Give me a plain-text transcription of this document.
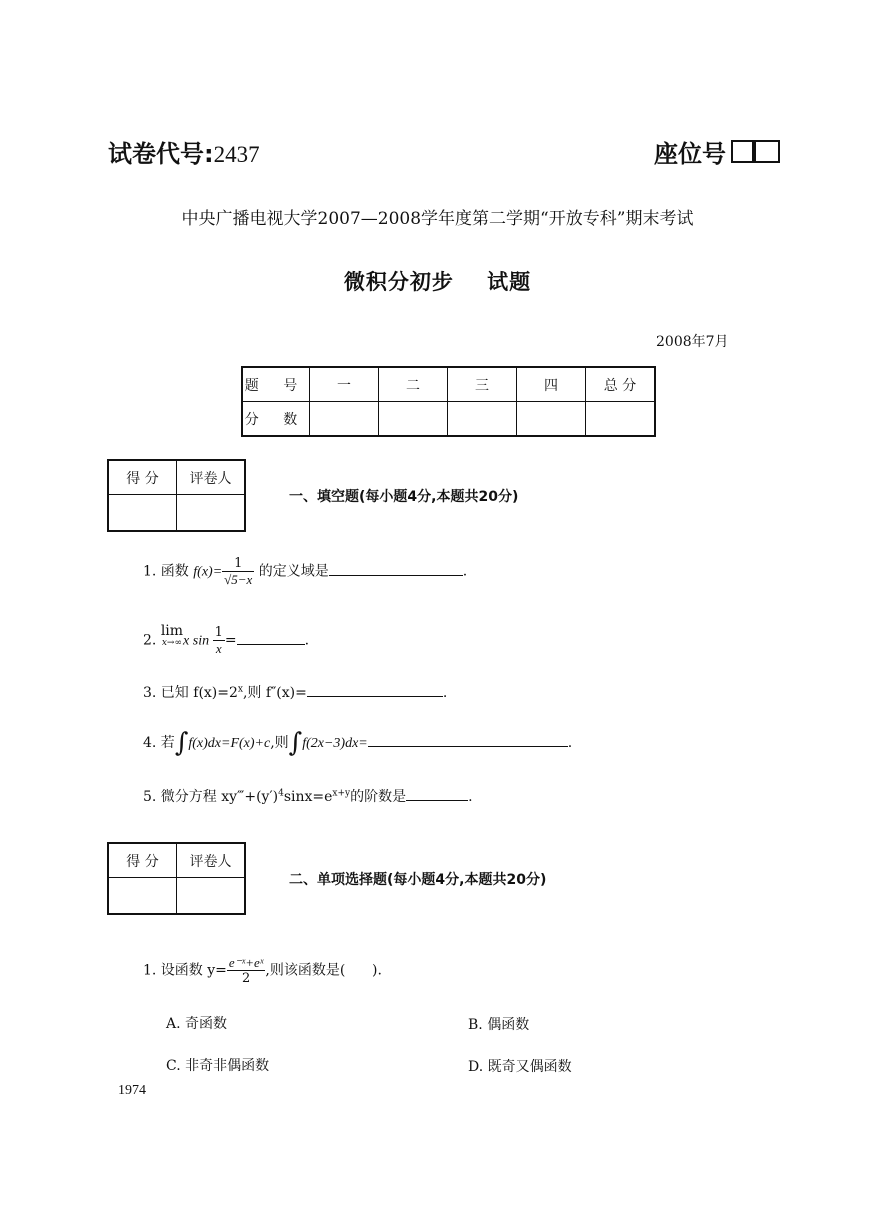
试卷代号:2437	座位号
中央广播电视大学2007—2008学年度第二学期“开放专科”期末考试
微积分初步    试题
2008年7月
题 号	一	二	三	四	总 分
分 数					
得 分	评卷人

一、填空题(每小题4分,本题共20分)
1. 函数 $f(x)= \frac{1}{√5-x}$ 的定义域是	.
2. lim
x→∞ x $\sin \frac{1}{x}$ =	.
3. 已知 $f(x)=2^x$,则 f″(x)=	.
4. 若∫f(x)dx=F(x)+c,则∫f(2x−3)dx=	.
5. 微分方程 $xy‴+(y')^4\sin x=e^{x+y}$的阶数是	.
得 分	评卷人

二、单项选择题(每小题4分,本题共20分)
1. 设函数 $y= \frac{\text{e⁻ˣ+eˣ}}{2}$ ,则该函数是(      ).
A. 奇函数	B. 偶函数
C. 非奇非偶函数	D. 既奇又偶函数
1974
